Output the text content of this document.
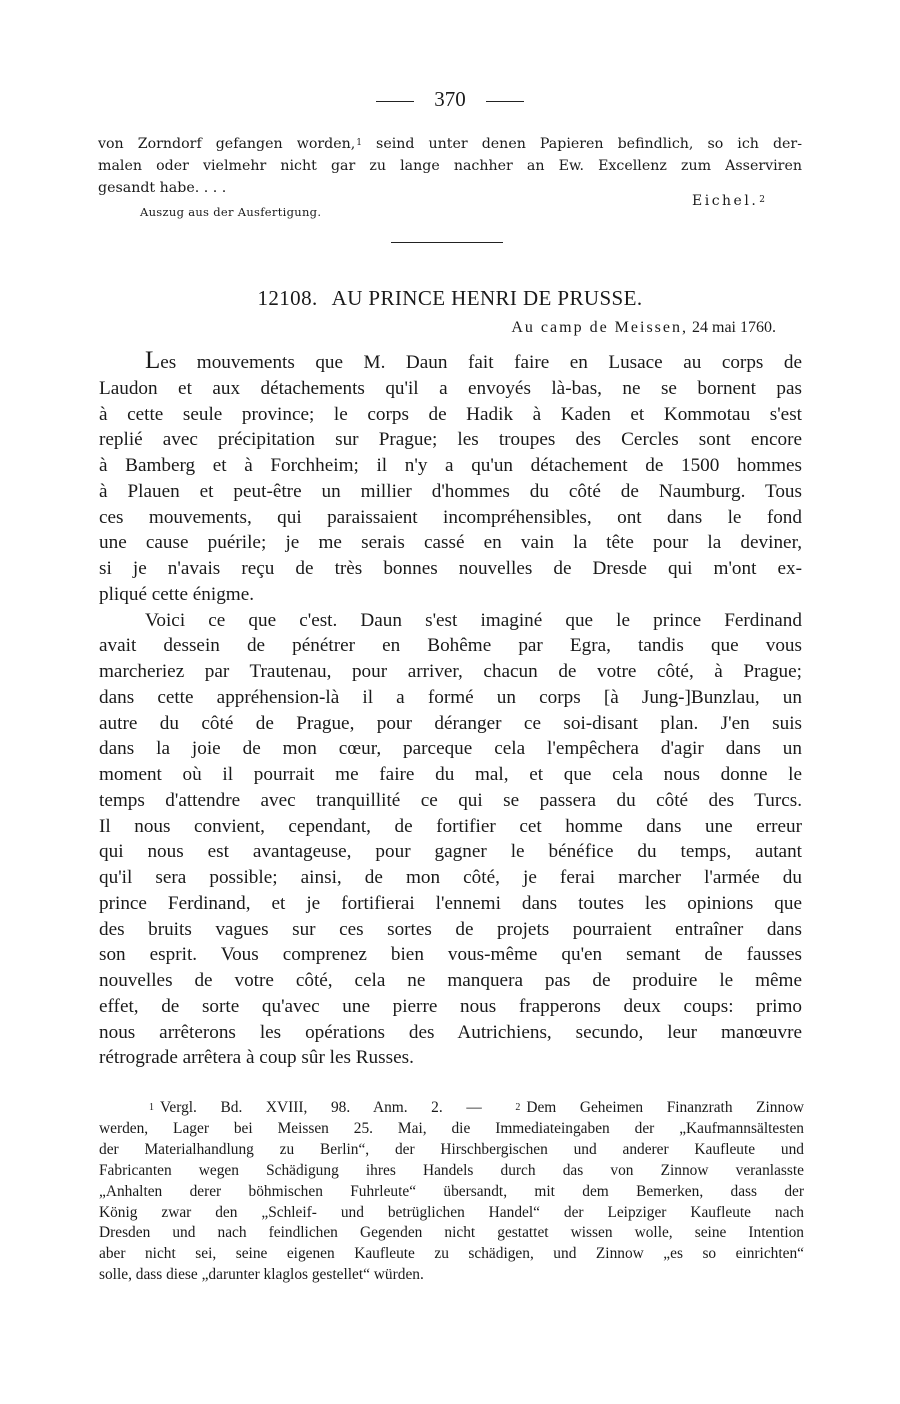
370
von Zorndorf gefangen worden,$^1$ seind unter denen Papieren befindlich, so ich der-
malen oder vielmehr nicht gar zu lange nachher an Ew. Excellenz zum Asserviren
gesandt habe. . . .
Auszug aus der Ausfertigung.
Eichel.$^2$
12108. AU PRINCE HENRI DE PRUSSE.
Au camp de Meissen, 24 mai 1760.
Les mouvements que M. Daun fait faire en Lusace au corps de
Laudon et aux détachements qu'il a envoyés là-bas, ne se bornent pas
à cette seule province; le corps de Hadik à Kaden et Kommotau s'est
replié avec précipitation sur Prague; les troupes des Cercles sont encore
à Bamberg et à Forchheim; il n'y a qu'un détachement de 1500 hommes
à Plauen et peut-être un millier d'hommes du côté de Naumburg. Tous
ces mouvements, qui paraissaient incompréhensibles, ont dans le fond
une cause puérile; je me serais cassé en vain la tête pour la deviner,
si je n'avais reçu de très bonnes nouvelles de Dresde qui m'ont ex-
pliqué cette énigme.
Voici ce que c'est. Daun s'est imaginé que le prince Ferdinand
avait dessein de pénétrer en Bohême par Egra, tandis que vous
marcheriez par Trautenau, pour arriver, chacun de votre côté, à Prague;
dans cette appréhension-là il a formé un corps [à Jung-]Bunzlau, un
autre du côté de Prague, pour déranger ce soi-disant plan. J'en suis
dans la joie de mon cœur, parceque cela l'empêchera d'agir dans un
moment où il pourrait me faire du mal, et que cela nous donne le
temps d'attendre avec tranquillité ce qui se passera du côté des Turcs.
Il nous convient, cependant, de fortifier cet homme dans une erreur
qui nous est avantageuse, pour gagner le bénéfice du temps, autant
qu'il sera possible; ainsi, de mon côté, je ferai marcher l'armée du
prince Ferdinand, et je fortifierai l'ennemi dans toutes les opinions que
des bruits vagues sur ces sortes de projets pourraient entraîner dans
son esprit. Vous comprenez bien vous-même qu'en semant de fausses
nouvelles de votre côté, cela ne manquera pas de produire le même
effet, de sorte qu'avec une pierre nous frapperons deux coups: primo
nous arrêterons les opérations des Autrichiens, secundo, leur manœuvre
rétrograde arrêtera à coup sûr les Russes.
1 Vergl. Bd. XVIII, 98. Anm. 2. —	2 Dem Geheimen Finanzrath Zinnow
werden, Lager bei Meissen 25. Mai, die Immediateingaben der „Kaufmannsältesten
der Materialhandlung zu Berlin“, der Hirschbergischen und anderer Kaufleute und
Fabricanten wegen Schädigung ihres Handels durch das von Zinnow veranlasste
„Anhalten derer böhmischen Fuhrleute“ übersandt, mit dem Bemerken, dass der
König zwar den „Schleif- und betrüglichen Handel“ der Leipziger Kaufleute nach
Dresden und nach feindlichen Gegenden nicht gestattet wissen wolle, seine Intention
aber nicht sei, seine eigenen Kaufleute zu schädigen, und Zinnow „es so einrichten“
solle, dass diese „darunter klaglos gestellet“ würden.
